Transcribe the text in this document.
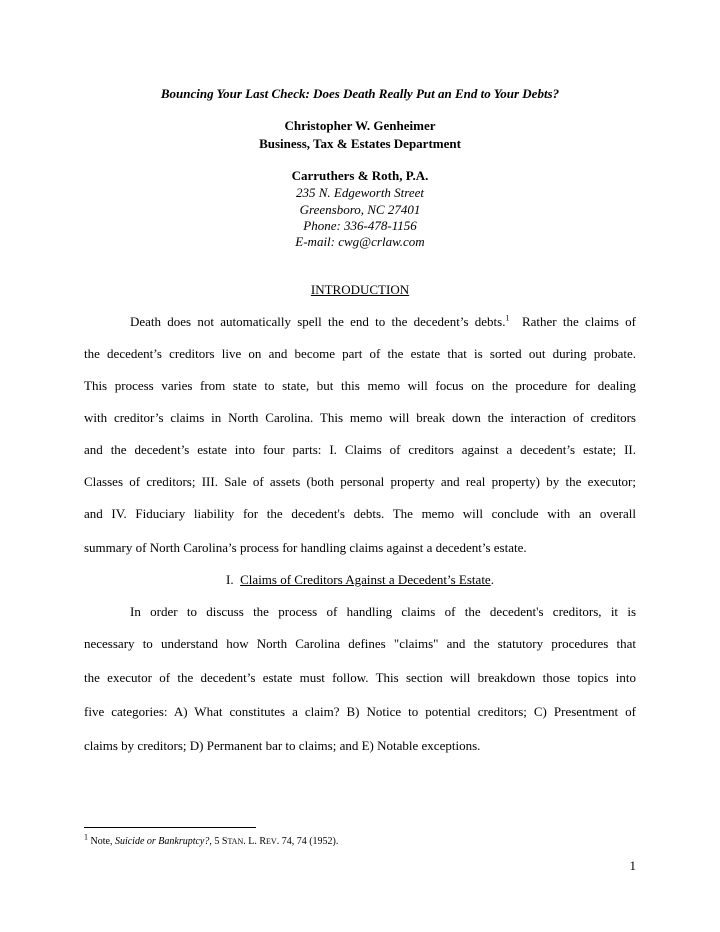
Bouncing Your Last Check: Does Death Really Put an End to Your Debts?
Christopher W. Genheimer
Business, Tax & Estates Department
Carruthers & Roth, P.A.
235 N. Edgeworth Street
Greensboro, NC 27401
Phone: 336-478-1156
E-mail: cwg@crlaw.com
INTRODUCTION
Death does not automatically spell the end to the decedent’s debts.$^1$  Rather the claims of
the decedent’s creditors live on and become part of the estate that is sorted out during probate.
This process varies from state to state, but this memo will focus on the procedure for dealing
with creditor’s claims in North Carolina. This memo will break down the interaction of creditors
and the decedent’s estate into four parts: I. Claims of creditors against a decedent’s estate; II.
Classes of creditors; III. Sale of assets (both personal property and real property) by the executor;
and IV. Fiduciary liability for the decedent's debts. The memo will conclude with an overall
summary of North Carolina’s process for handling claims against a decedent’s estate.
I.  Claims of Creditors Against a Decedent’s Estate.
In order to discuss the process of handling claims of the decedent's creditors, it is
necessary to understand how North Carolina defines "claims" and the statutory procedures that
the executor of the decedent’s estate must follow. This section will breakdown those topics into
five categories: A) What constitutes a claim? B) Notice to potential creditors; C) Presentment of
claims by creditors; D) Permanent bar to claims; and E) Notable exceptions.
$^1$ Note, Suicide or Bankruptcy?, 5 STAN. L. REV. 74, 74 (1952).
1
